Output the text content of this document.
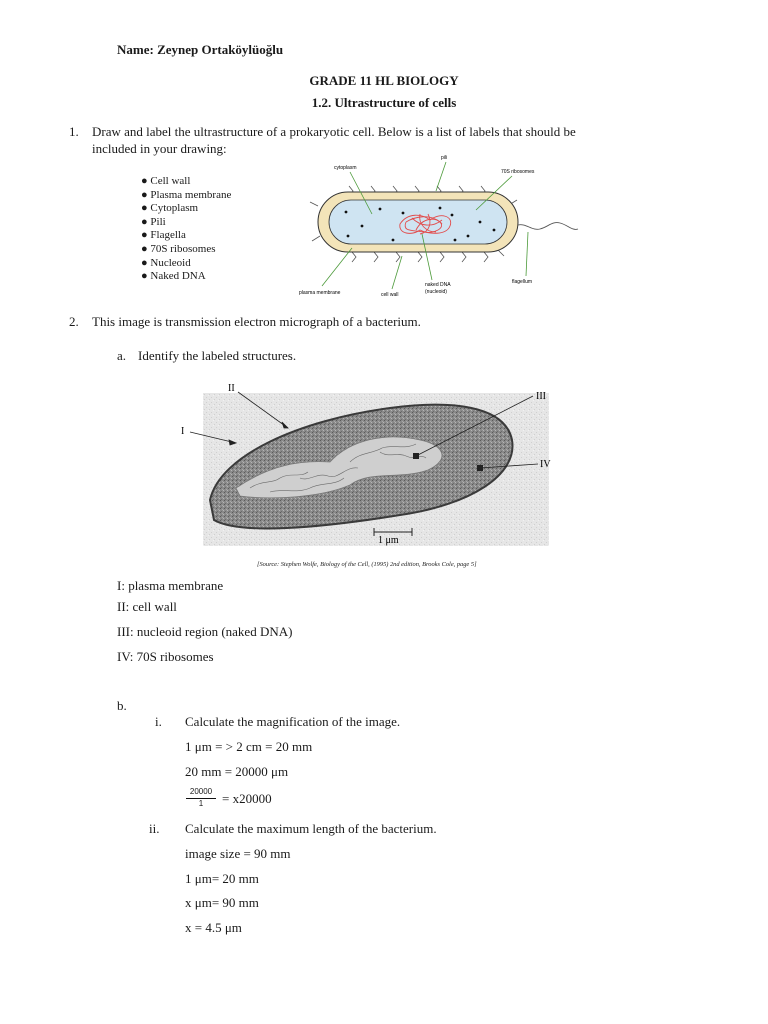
Name: Zeynep Ortaköylüoğlu
GRADE 11 HL BIOLOGY
1.2. Ultrastructure of cells
1. Draw and label the ultrastructure of a prokaryotic cell. Below is a list of labels that should be
included in your drawing:
● Cell wall
● Plasma membrane
● Cytoplasm
● Pili
● Flagella
● 70S ribosomes
● Nucleoid
● Naked DNA
cytoplasm
pili
70S ribosomes
plasma membrane	cell wall
naked DNA
(nucleoid)
flagellum
2. This image is transmission electron micrograph of a bacterium.
a. Identify the labeled structures.
II
I
III
IV
1 μm
[Source: Stephen Wolfe, Biology of the Cell, (1995) 2nd edition, Brooks Cole, page 5]
I: plasma membrane
II: cell wall
III: nucleoid region (naked DNA)
IV: 70S ribosomes
b.
i. Calculate the magnification of the image.
1 μm = > 2 cm = 20 mm
20 mm = 20000 μm
$\frac{20000}{1} = x20000$
ii. Calculate the maximum length of the bacterium.
image size = 90 mm
1 μm= 20 mm
x μm= 90 mm
x = 4.5 μm
